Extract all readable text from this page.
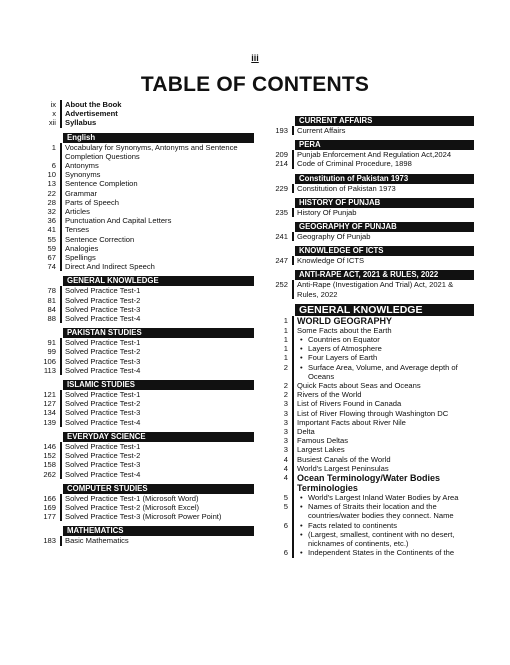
iii
TABLE OF CONTENTS
ix	About the Book
x	Advertisement
xii	Syllabus
English
1	Vocabulary for Synonyms, Antonyms and Sentence Completion Questions
6	Antonyms
10	Synonyms
13	Sentence Completion
22	Grammar
28	Parts of Speech
32	Articles
36	Punctuation And Capital Letters
41	Tenses
55	Sentence Correction
59	Analogies
67	Spellings
74	Direct And Indirect Speech
GENERAL KNOWLEDGE
78	Solved Practice Test-1
81	Solved Practice Test-2
84	Solved Practice Test-3
88	Solved Practice Test-4
PAKISTAN STUDIES
91	Solved Practice Test-1
99	Solved Practice Test-2
106	Solved Practice Test-3
113	Solved Practice Test-4
ISLAMIC STUDIES
121	Solved Practice Test-1
127	Solved Practice Test-2
134	Solved Practice Test-3
139	Solved Practice Test-4
EVERYDAY SCIENCE
146	Solved Practice Test-1
152	Solved Practice Test-2
158	Solved Practice Test-3
262	Solved Practice Test-4
COMPUTER STUDIES
166	Solved Practice Test-1 (Microsoft Word)
169	Solved Practice Test-2 (Microsoft Excel)
177	Solved Practice Test-3 (Microsoft Power Point)
MATHEMATICS
183	Basic Mathematics
CURRENT AFFAIRS
193	Current Affairs
PERA
209	Punjab Enforcement And Regulation Act,2024
214	Code of Criminal Procedure, 1898
Constitution of Pakistan 1973
229	Constitution of Pakistan 1973
HISTORY OF PUNJAB
235	History Of Punjab
GEOGRAPHY OF PUNJAB
241	Geography Of Punjab
KNOWLEDGE OF ICTS
247	Knowledge Of ICTS
ANTI-RAPE ACT, 2021 & RULES, 2022
252	Anti-Rape (Investigation And Trial) Act, 2021 & Rules, 2022
GENERAL KNOWLEDGE
1	WORLD GEOGRAPHY
1	Some Facts about the Earth
1	• Countries on Equator
1	• Layers of Atmosphere
1	• Four Layers of Earth
2	• Surface Area, Volume, and Average depth of Oceans
2	Quick Facts about Seas and Oceans
2	Rivers of the World
3	List of Rivers Found in Canada
3	List of River Flowing through Washington DC
3	Important Facts about River Nile
3	Delta
3	Famous Deltas
3	Largest Lakes
4	Busiest Canals of the World
4	World's Largest Peninsulas
4	Ocean Terminology/Water Bodies Terminologies
5	• World's Largest Inland Water Bodies by Area
5	• Names of Straits their location and the countries/water bodies they connect. Name
6	• Facts related to continents
• (Largest, smallest, continent with no desert, nicknames of continents, etc.)
6	• Independent States in the Continents of the
